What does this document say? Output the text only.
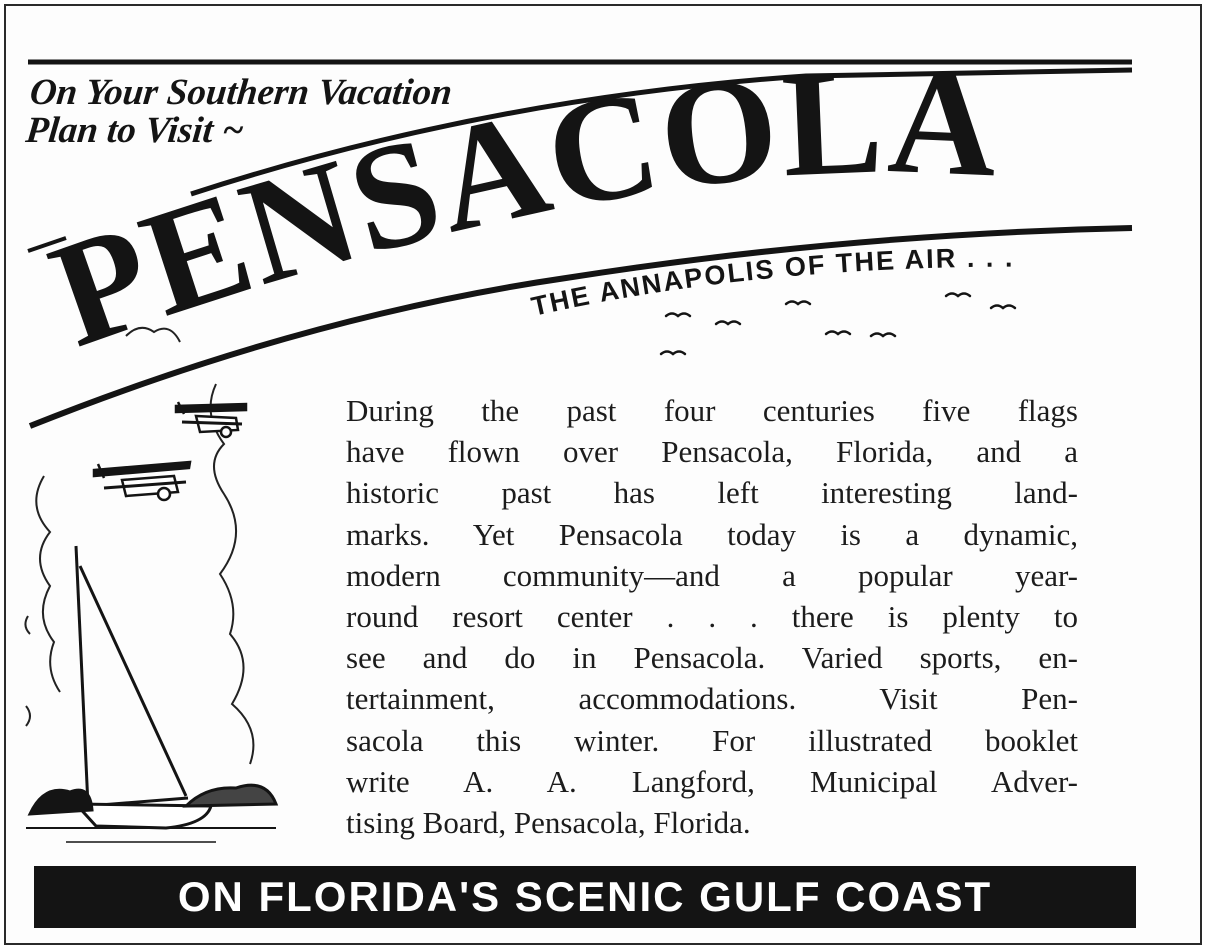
PENSACOLA
THE ANNAPOLIS OF THE AIR . . .

On Your Southern Vacation
Plan to Visit ~

During the past four centuries five flags
have flown over Pensacola, Florida, and a
historic past has left interesting land-
marks. Yet Pensacola today is a dynamic,
modern community—and a popular year-
round resort center . . . there is plenty to
see and do in Pensacola. Varied sports, en-
tertainment, accommodations. Visit Pen-
sacola this winter. For illustrated booklet
write A. A. Langford, Municipal Adver-
tising Board, Pensacola, Florida.

ON FLORIDA'S SCENIC GULF COAST
